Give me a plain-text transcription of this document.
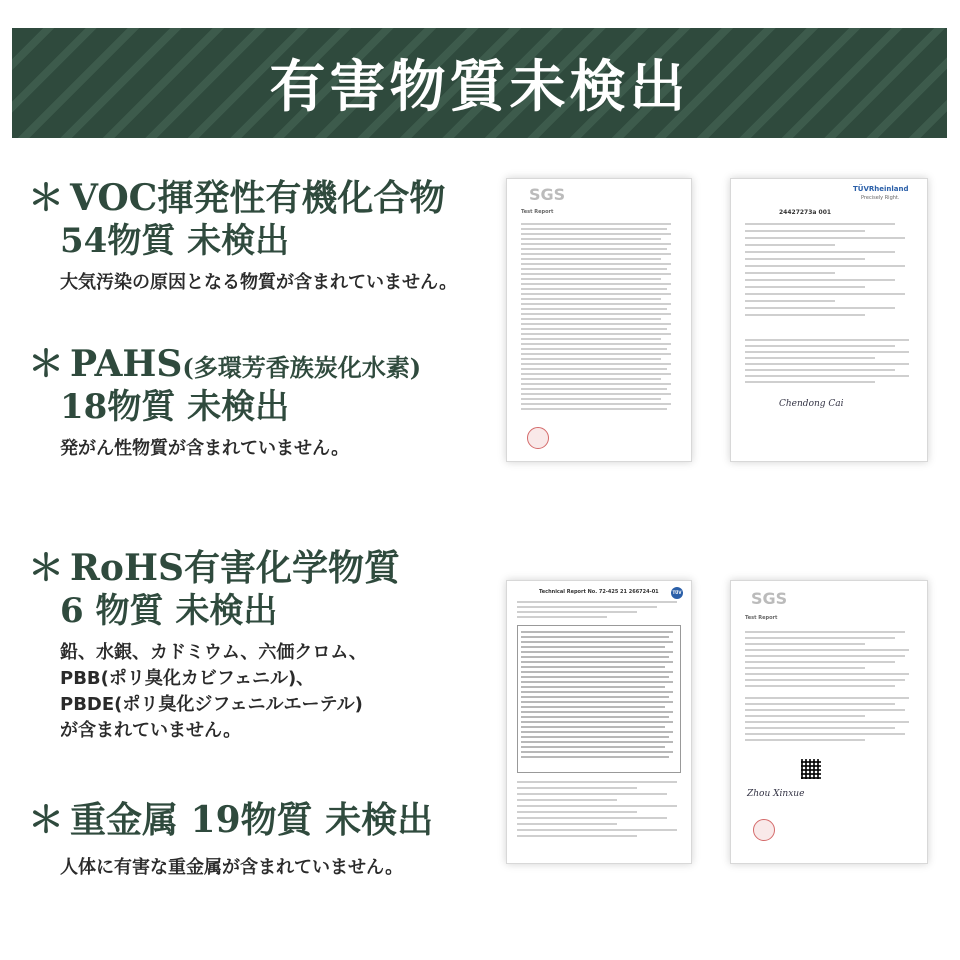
有害物質未検出
＊ VOC揮発性有機化合物
54物質 未検出
大気汚染の原因となる物質が含まれていません。
＊ PAHS(多環芳香族炭化水素)
18物質 未検出
発がん性物質が含まれていません。
＊ RoHS有害化学物質
6 物質 未検出
鉛、水銀、カドミウム、六価クロム、
PBB(ポリ臭化カビフェニル)、
PBDE(ポリ臭化ジフェニルエーテル)
が含まれていません。
＊ 重金属 19物質 未検出
人体に有害な重金属が含まれていません。
SGS
Test Report
TÜVRheinland
Precisely Right.
24427273a 001
Chendong Cai
TÜV
Technical Report No. 72-425 21 266724-01	SGS
Test Report
Zhou Xinxue
